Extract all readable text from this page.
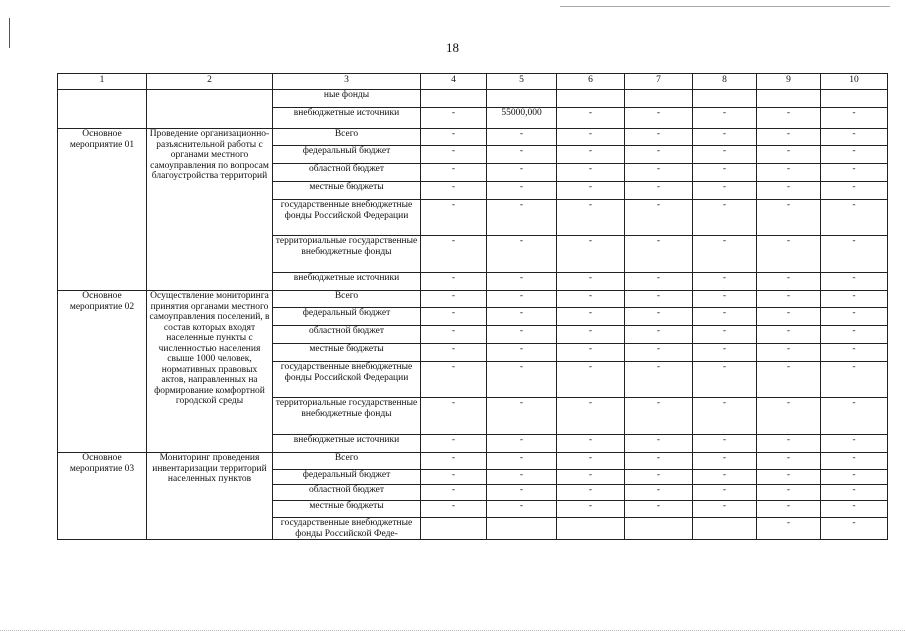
18
1	2	3	4	5	6	7	8	9	10
		ные фонды							
		внебюджетные источники	-	55000,000	-	-	-	-	-
Основное мероприятие 01	Проведение организационно-разъяснительной работы с органами местного самоуправления по вопросам благоустройства территорий	Всего	-	-	-	-	-	-	-
		федеральный бюджет	-	-	-	-	-	-	-
		областной бюджет	-	-	-	-	-	-	-
		местные бюджеты	-	-	-	-	-	-	-
		государственные внебюджетные фонды Российской Федерации	-	-	-	-	-	-	-
		территориальные государственные внебюджетные фонды	-	-	-	-	-	-	-
		внебюджетные источники	-	-	-	-	-	-	-
Основное мероприятие 02	Осуществление мониторинга принятия органами местного самоуправления поселений, в состав которых входят населенные пункты с численностью населения свыше 1000 человек, нормативных правовых актов, направленных на формирование комфортной городской среды	Всего	-	-	-	-	-	-	-
		федеральный бюджет	-	-	-	-	-	-	-
		областной бюджет	-	-	-	-	-	-	-
		местные бюджеты	-	-	-	-	-	-	-
		государственные внебюджетные фонды Российской Федерации	-	-	-	-	-	-	-
		территориальные государственные внебюджетные фонды	-	-	-	-	-	-	-
		внебюджетные источники	-	-	-	-	-	-	-
Основное мероприятие 03	Мониторинг проведения инвентаризации территорий населенных пунктов	Всего	-	-	-	-	-	-	-
		федеральный бюджет	-	-	-	-	-	-	-
		областной бюджет	-	-	-	-	-	-	-
		местные бюджеты	-	-	-	-	-	-	-
		государственные внебюджетные фонды Российской Феде-						-	-
